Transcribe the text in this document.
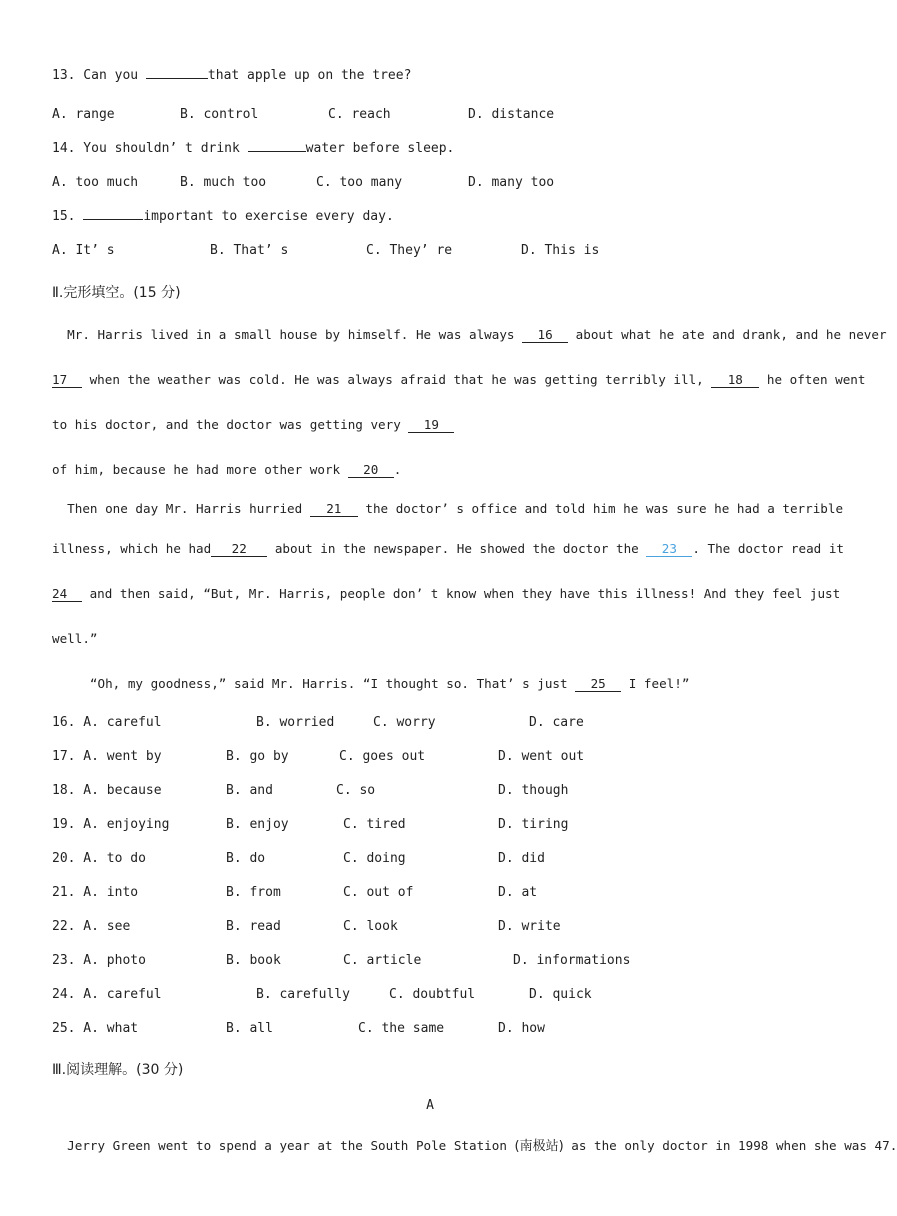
13. Can you	that apple up on the tree?
A. range	B. control	C. reach	D. distance
14. You shouldn’ t drink	water before sleep.
A. too much	B. much too	C. too many	D. many too
15.	important to exercise every day.
A. It’ s	B. That’ s	C. They’ re	D. This is
Ⅱ.完形填空。(15 分)
Mr. Harris lived in a small house by himself. He was always 16 about what he ate and drank, and he never
17 when the weather was cold. He was always afraid that he was getting terribly ill, 18 he often went
to his doctor, and the doctor was getting very 19
of him, because he had more other work 20 .
Then one day Mr. Harris hurried 21 the doctor’ s office and told him he was sure he had a terrible
illness, which he had 22 about in the newspaper. He showed the doctor the 23 . The doctor read it
24 and then said, “But, Mr. Harris, people don’ t know when they have this illness! And they feel just
well.”
“Oh, my goodness,” said Mr. Harris. “I thought so. That’ s just 25 I feel!”
16. A. careful	B. worried	C. worry	D. care
17. A. went by	B. go by	C. goes out	D. went out
18. A. because	B. and	C. so	D. though
19. A. enjoying	B. enjoy	C. tired	D. tiring
20. A. to do	B. do	C. doing	D. did
21. A. into	B. from	C. out of	D. at
22. A. see	B. read	C. look	D. write
23. A. photo	B. book	C. article	D. informations
24. A. careful	B. carefully	C. doubtful	D. quick
25. A. what	B. all	C. the same	D. how
Ⅲ.阅读理解。(30 分)
A
Jerry Green went to spend a year at the South Pole Station (南极站) as the only doctor in 1998 when she was 47.
